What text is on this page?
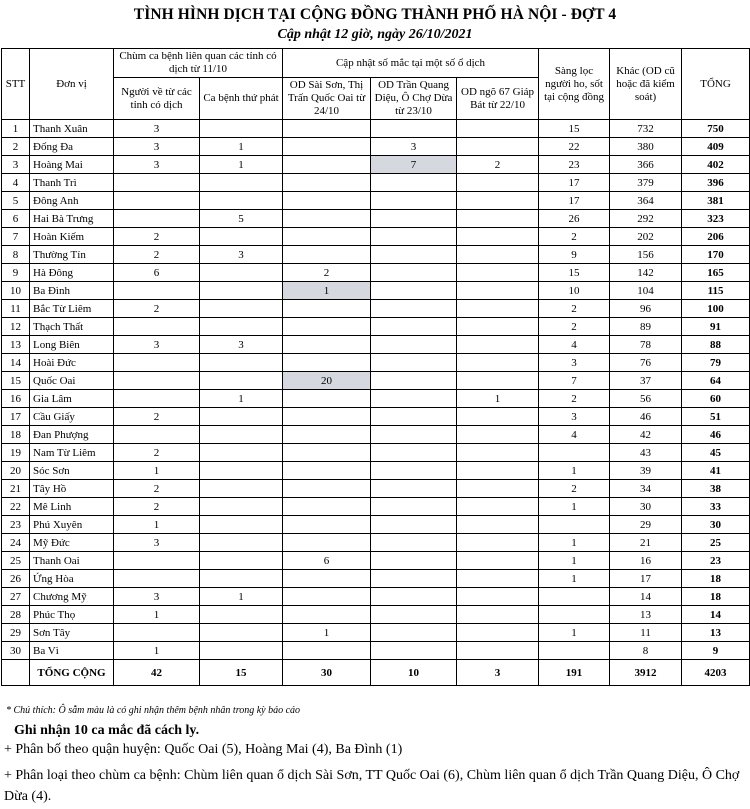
TÌNH HÌNH DỊCH TẠI CỘNG ĐỒNG THÀNH PHỐ HÀ NỘI - ĐỢT 4
Cập nhật 12 giờ, ngày 26/10/2021
STT	Đơn vị	Chùm ca bệnh liên quan các tỉnh có dịch từ 11/10		Cập nhật số mắc tại một số ổ dịch			Sàng lọc người ho, sốt tại cộng đồng	Khác (OD cũ hoặc đã kiểm soát)	TỔNG
		Người về từ các tỉnh có dịch	Ca bệnh thứ phát	OD Sài Sơn, Thị Trấn Quốc Oai từ 24/10	OD Trần Quang Diệu, Ô Chợ Dừa từ 23/10	OD ngõ 67 Giáp Bát từ 22/10			
1	Thanh Xuân	3					15	732	750
2	Đống Đa	3	1		3		22	380	409
3	Hoàng Mai	3	1		7	2	23	366	402
4	Thanh Trì						17	379	396
5	Đông Anh						17	364	381
6	Hai Bà Trưng		5				26	292	323
7	Hoàn Kiếm	2					2	202	206
8	Thường Tín	2	3				9	156	170
9	Hà Đông	6		2			15	142	165
10	Ba Đình			1			10	104	115
11	Bắc Từ Liêm	2					2	96	100
12	Thạch Thất						2	89	91
13	Long Biên	3	3				4	78	88
14	Hoài Đức						3	76	79
15	Quốc Oai			20			7	37	64
16	Gia Lâm		1			1	2	56	60
17	Cầu Giấy	2					3	46	51
18	Đan Phượng						4	42	46
19	Nam Từ Liêm	2						43	45
20	Sóc Sơn	1					1	39	41
21	Tây Hồ	2					2	34	38
22	Mê Linh	2					1	30	33
23	Phú Xuyên	1						29	30
24	Mỹ Đức	3					1	21	25
25	Thanh Oai			6			1	16	23
26	Ứng Hòa						1	17	18
27	Chương Mỹ	3	1					14	18
28	Phúc Thọ	1						13	14
29	Sơn Tây			1			1	11	13
30	Ba Vì	1						8	9
	TỔNG CỘNG	42	15	30	10	3	191	3912	4203
* Chú thích: Ô sẫm màu là có ghi nhận thêm bệnh nhân trong kỳ báo cáo
Ghi nhận 10 ca mắc đã cách ly.
+ Phân bố theo quận huyện: Quốc Oai (5), Hoàng Mai (4), Ba Đình (1)
+ Phân loại theo chùm ca bệnh: Chùm liên quan ổ dịch Sài Sơn, TT Quốc Oai (6), Chùm liên quan ổ dịch Trần Quang Diệu, Ô Chợ Dừa (4).
